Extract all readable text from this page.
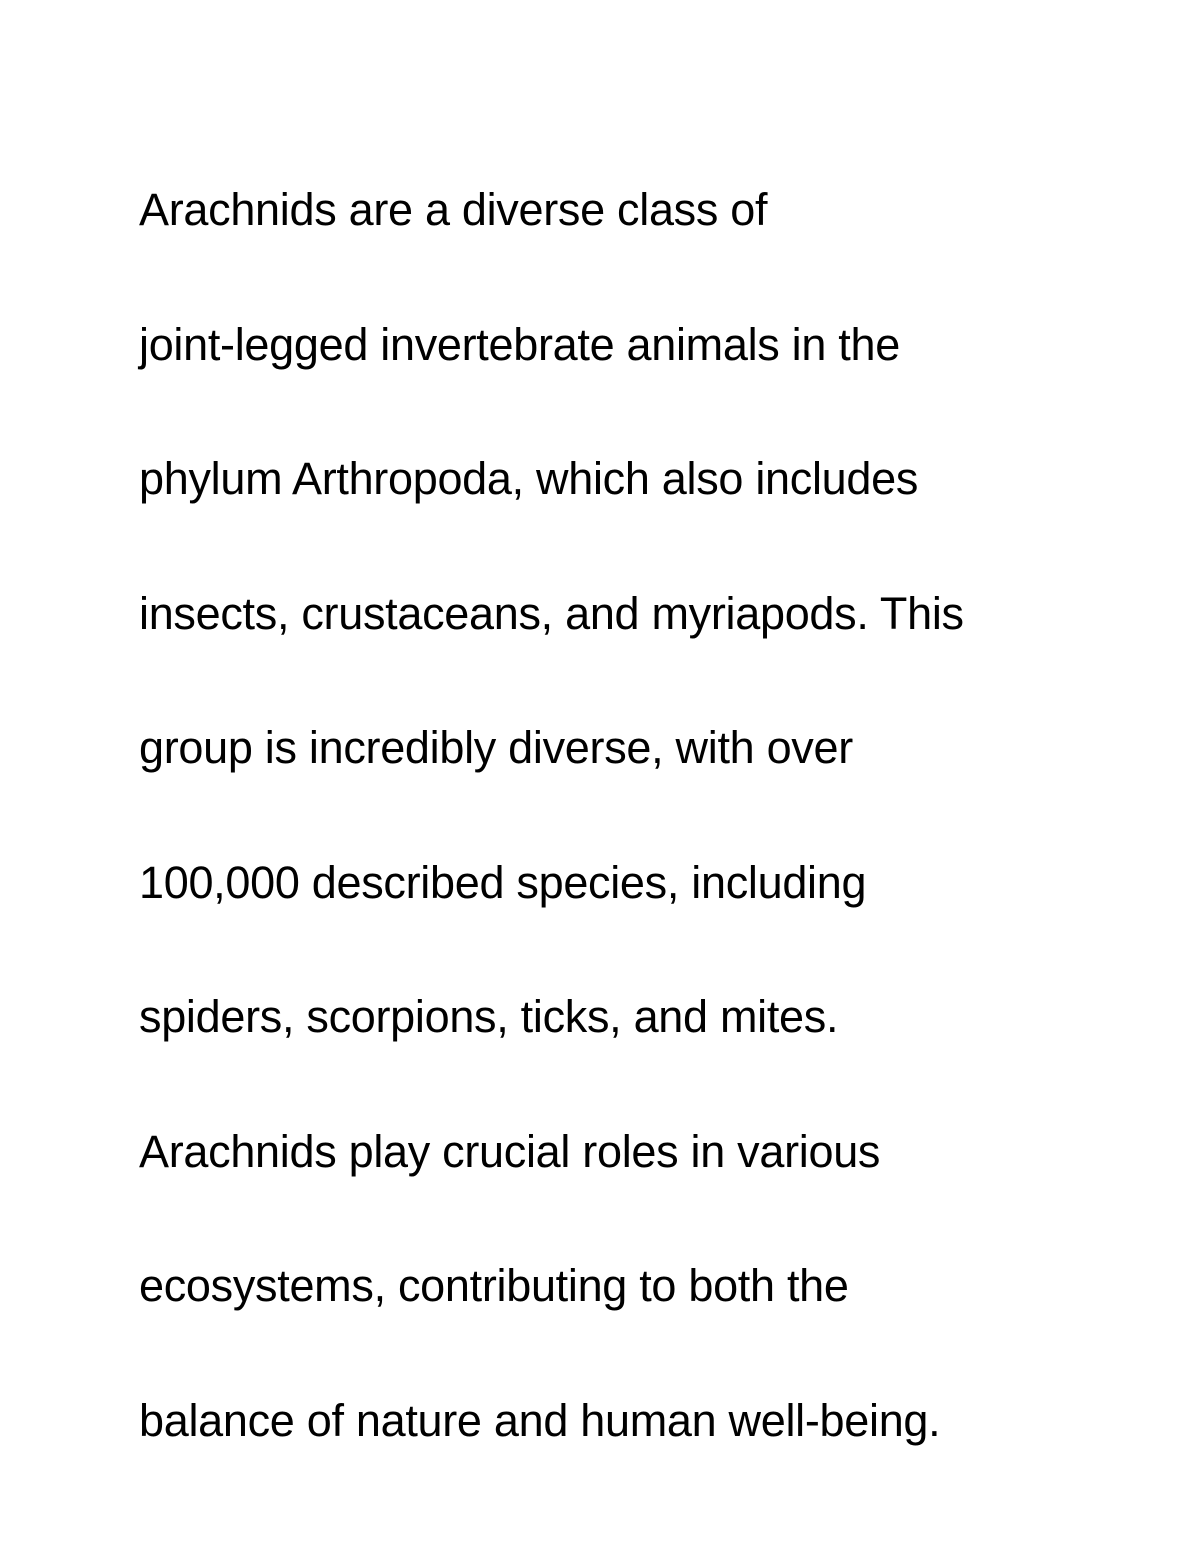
Arachnids are a diverse class of
joint-legged invertebrate animals in the
phylum Arthropoda, which also includes
insects, crustaceans, and myriapods. This
group is incredibly diverse, with over
100,000 described species, including
spiders, scorpions, ticks, and mites.
Arachnids play crucial roles in various
ecosystems, contributing to both the
balance of nature and human well-being.
